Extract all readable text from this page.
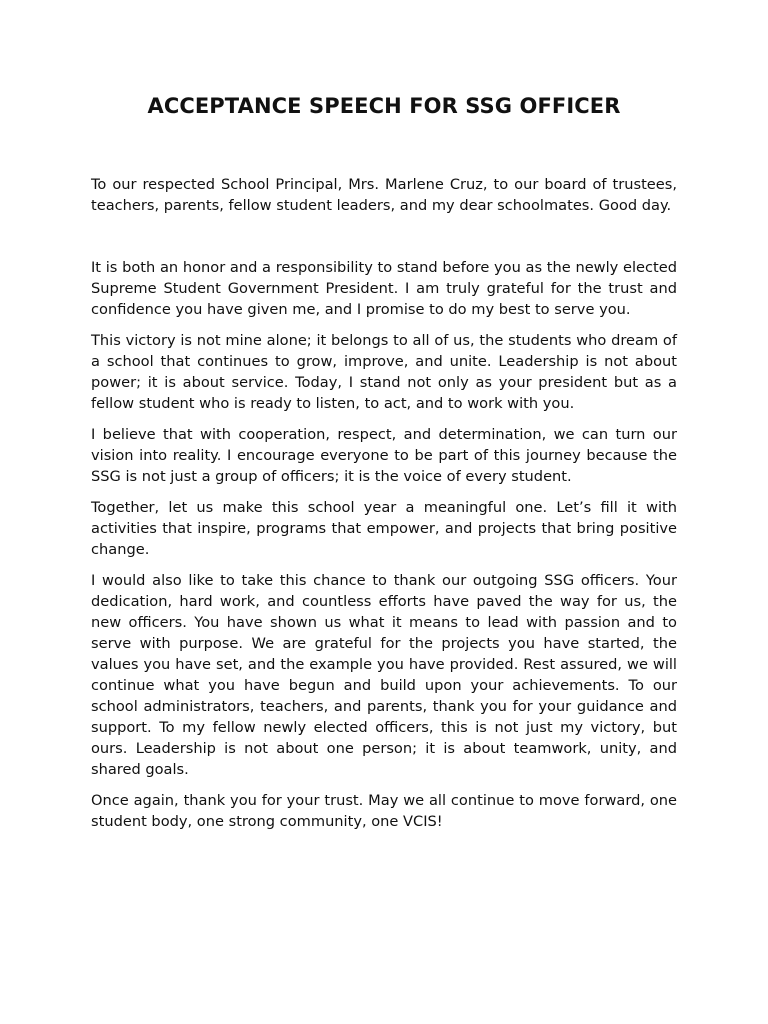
ACCEPTANCE SPEECH FOR SSG OFFICER

To our respected School Principal, Mrs. Marlene Cruz, to our board of trustees, teachers, parents, fellow student leaders, and my dear schoolmates. Good day.

It is both an honor and a responsibility to stand before you as the newly elected Supreme Student Government President. I am truly grateful for the trust and confidence you have given me, and I promise to do my best to serve you.

This victory is not mine alone; it belongs to all of us, the students who dream of a school that continues to grow, improve, and unite. Leadership is not about power; it is about service. Today, I stand not only as your president but as a fellow student who is ready to listen, to act, and to work with you.

I believe that with cooperation, respect, and determination, we can turn our vision into reality. I encourage everyone to be part of this journey because the SSG is not just a group of officers; it is the voice of every student.

Together, let us make this school year a meaningful one. Let’s fill it with activities that inspire, programs that empower, and projects that bring positive change.

I would also like to take this chance to thank our outgoing SSG officers. Your dedication, hard work, and countless efforts have paved the way for us, the new officers. You have shown us what it means to lead with passion and to serve with purpose. We are grateful for the projects you have started, the values you have set, and the example you have provided. Rest assured, we will continue what you have begun and build upon your achievements. To our school administrators, teachers, and parents, thank you for your guidance and support. To my fellow newly elected officers, this is not just my victory, but ours. Leadership is not about one person; it is about teamwork, unity, and shared goals.

Once again, thank you for your trust. May we all continue to move forward, one student body, one strong community, one VCIS!
